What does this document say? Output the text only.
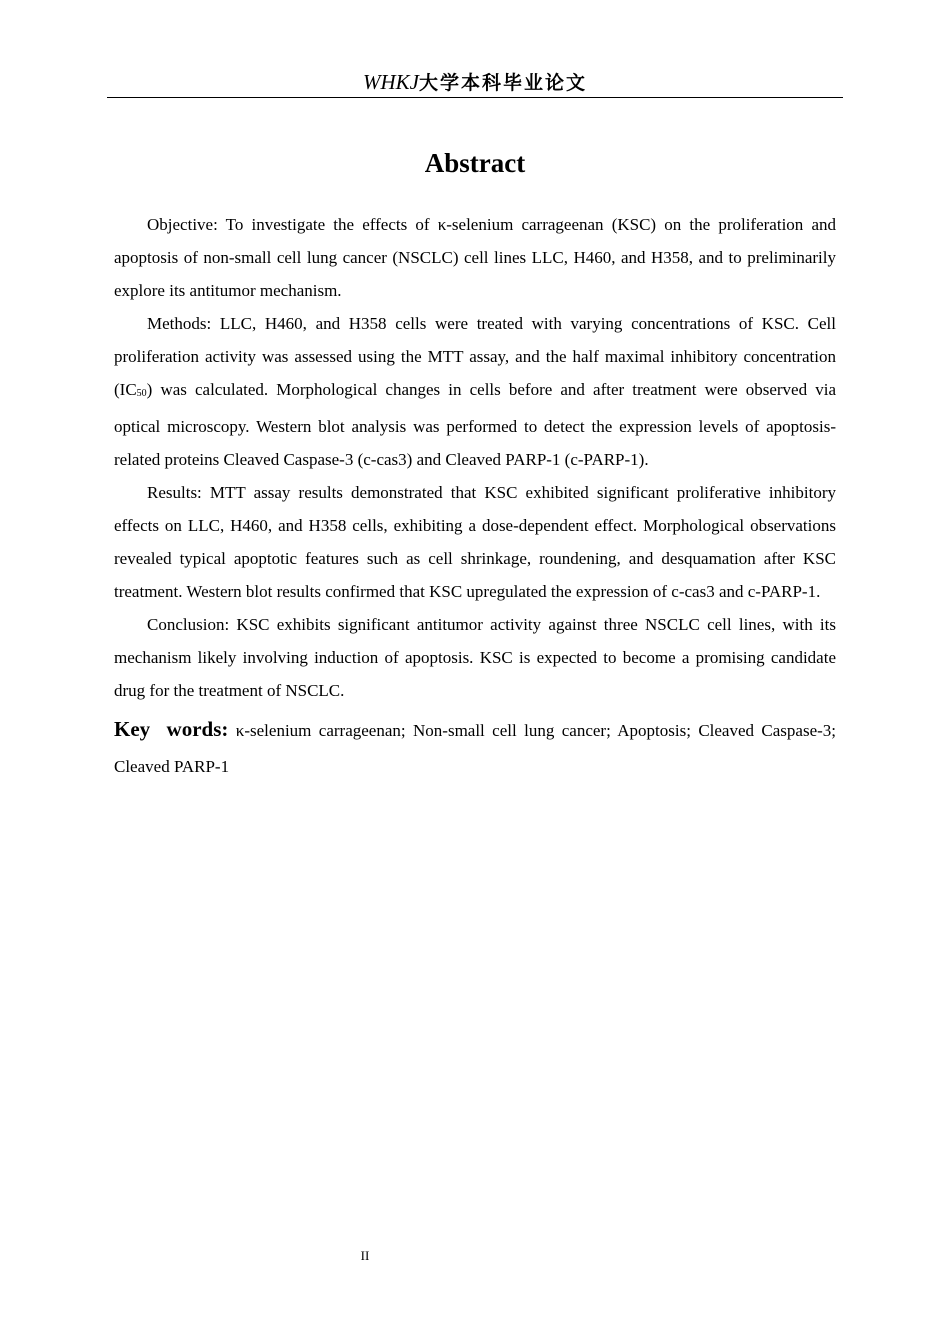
WHKJ大学本科毕业论文
Abstract

Objective: To investigate the effects of κ-selenium carrageenan (KSC) on the proliferation and apoptosis of non-small cell lung cancer (NSCLC) cell lines LLC, H460, and H358, and to preliminarily explore its antitumor mechanism.

Methods: LLC, H460, and H358 cells were treated with varying concentrations of KSC. Cell proliferation activity was assessed using the MTT assay, and the half maximal inhibitory concentration $(IC_{50})$ was calculated. Morphological changes in cells before and after treatment were observed via optical microscopy. Western blot analysis was performed to detect the expression levels of apoptosis-related proteins Cleaved Caspase-3 (c-cas3) and Cleaved PARP-1 (c-PARP-1).

Results: MTT assay results demonstrated that KSC exhibited significant proliferative inhibitory effects on LLC, H460, and H358 cells, exhibiting a dose-dependent effect. Morphological observations revealed typical apoptotic features such as cell shrinkage, roundening, and desquamation after KSC treatment. Western blot results confirmed that KSC upregulated the expression of c-cas3 and c-PARP-1.

Conclusion: KSC exhibits significant antitumor activity against three NSCLC cell lines, with its mechanism likely involving induction of apoptosis. KSC is expected to become a promising candidate drug for the treatment of NSCLC.

Key words: κ-selenium carrageenan; Non-small cell lung cancer; Apoptosis; Cleaved Caspase-3; Cleaved PARP-1
II
